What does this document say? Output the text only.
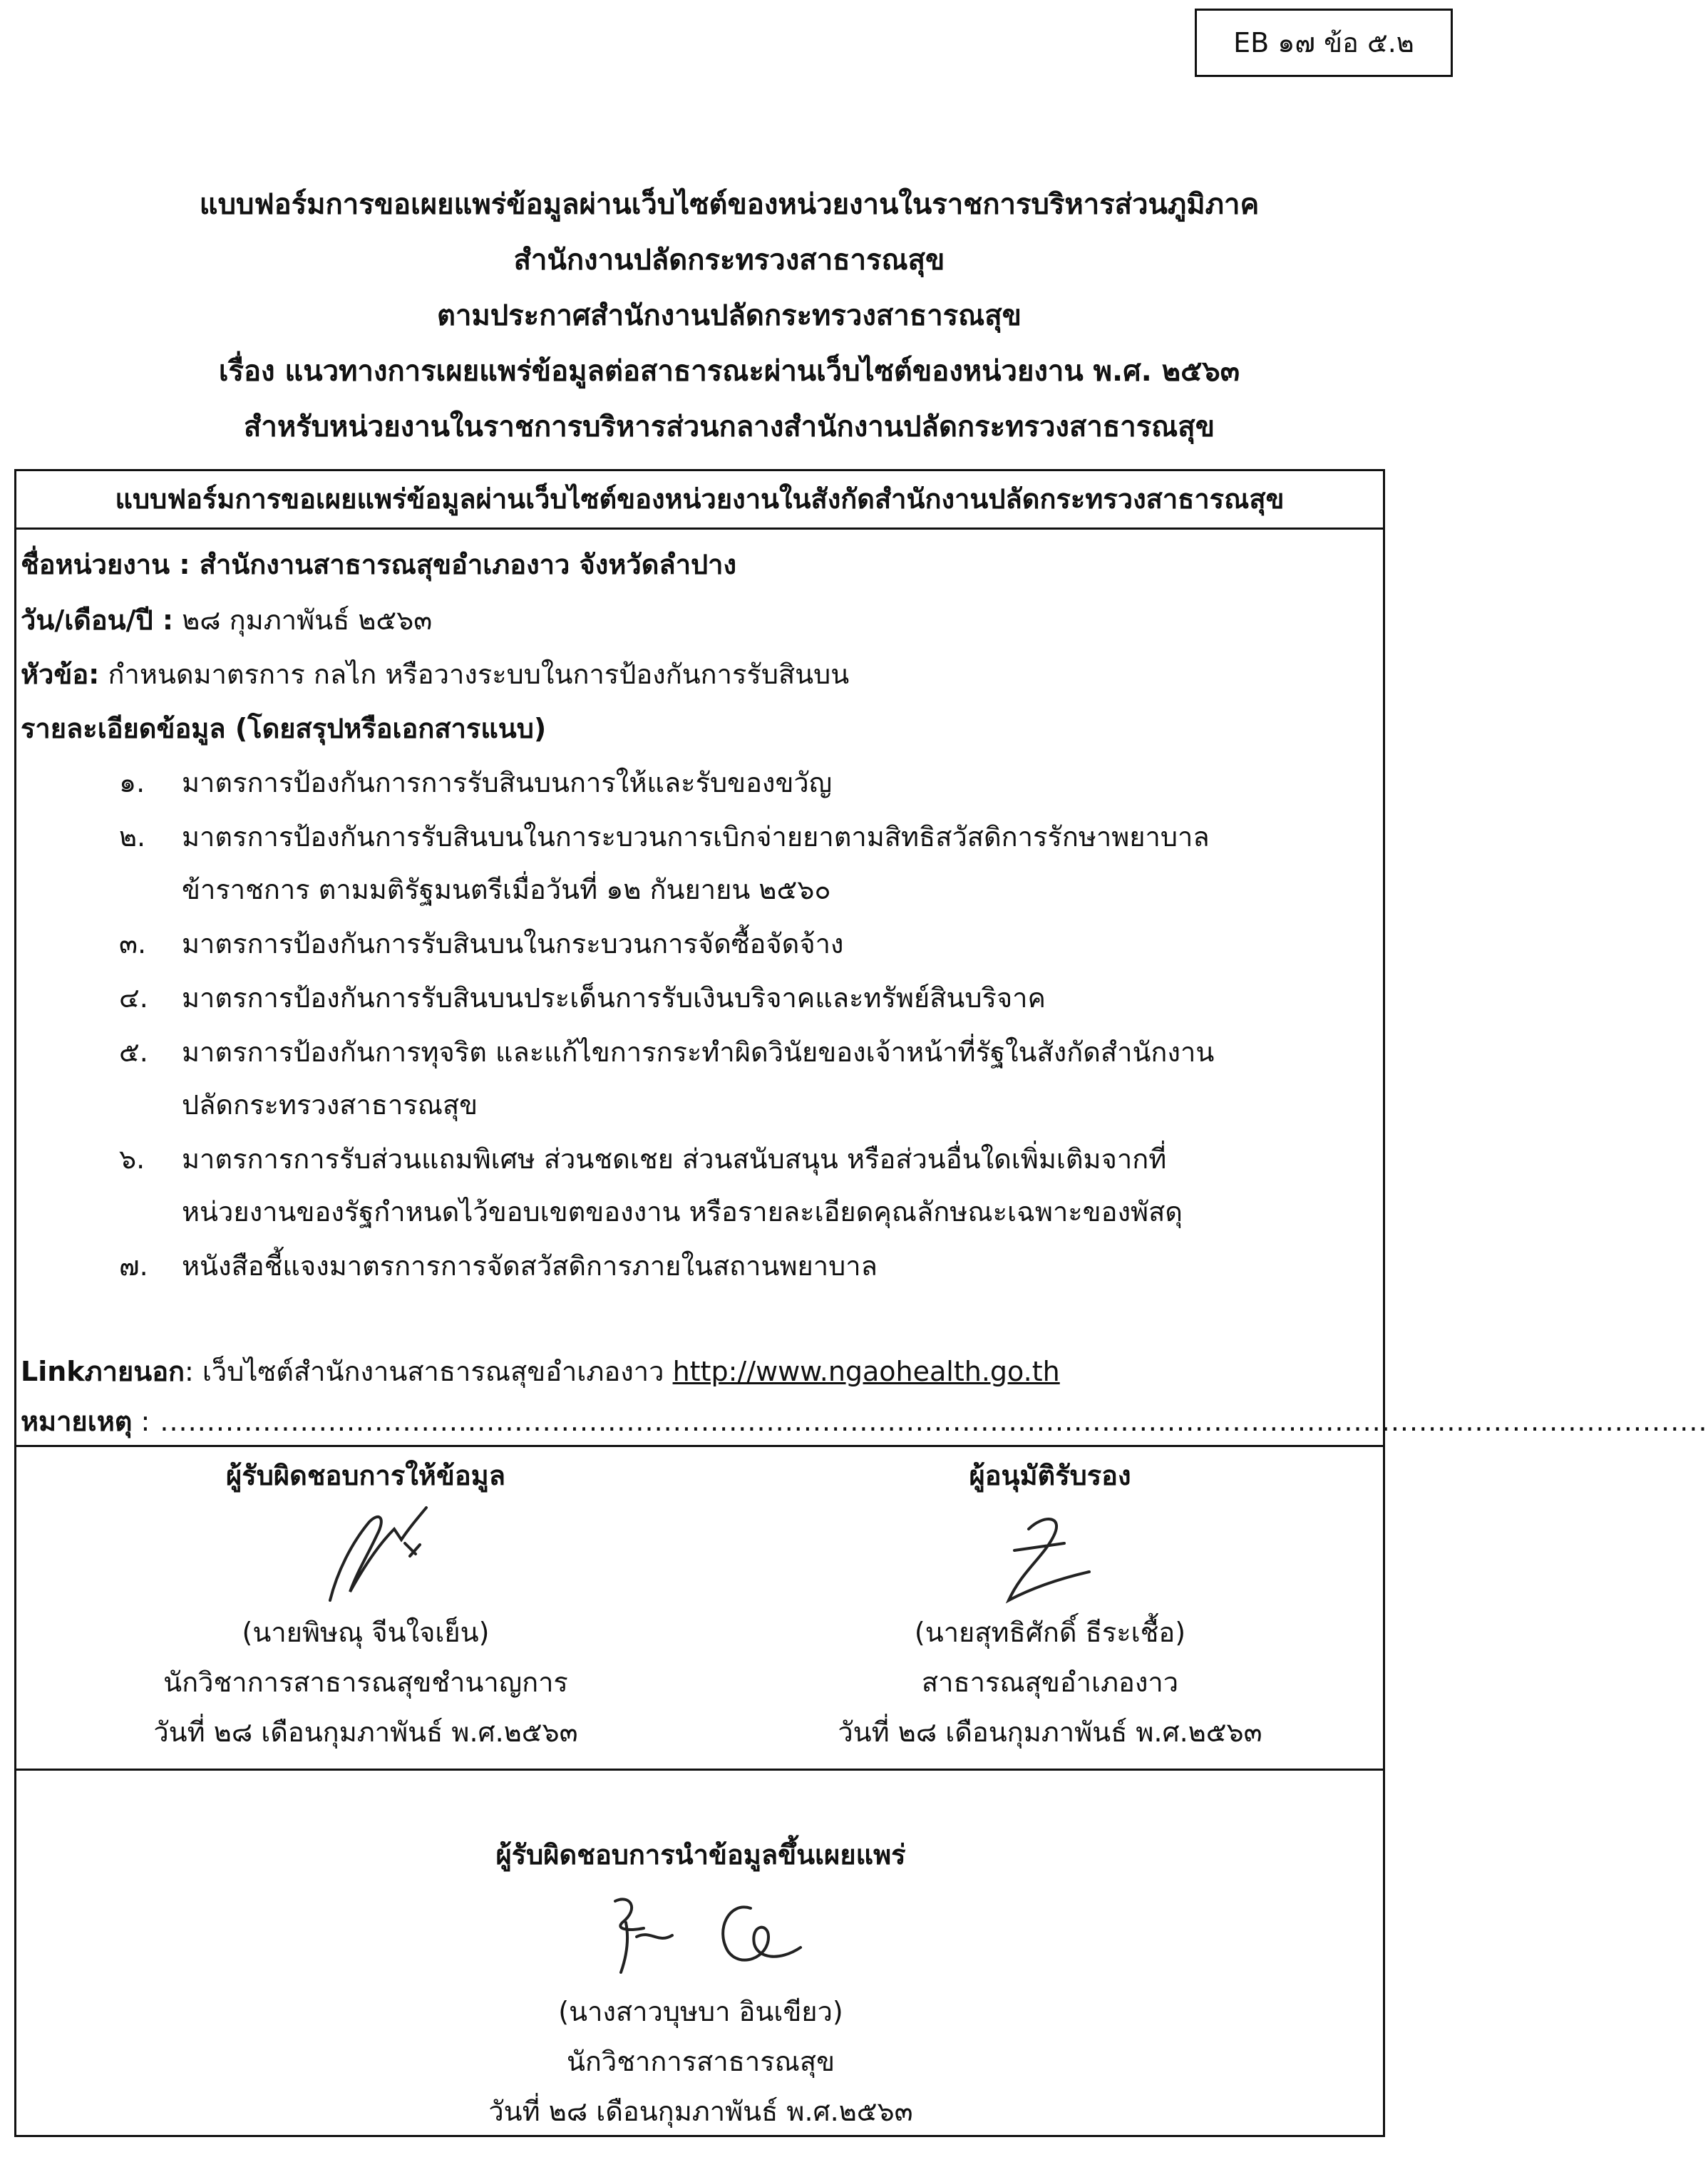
EB ๑๗ ข้อ ๕.๒
แบบฟอร์มการขอเผยแพร่ข้อมูลผ่านเว็บไซต์ของหน่วยงานในราชการบริหารส่วนภูมิภาค
สำนักงานปลัดกระทรวงสาธารณสุข
ตามประกาศสำนักงานปลัดกระทรวงสาธารณสุข
เรื่อง แนวทางการเผยแพร่ข้อมูลต่อสาธารณะผ่านเว็บไซต์ของหน่วยงาน พ.ศ. ๒๕๖๓
สำหรับหน่วยงานในราชการบริหารส่วนกลางสำนักงานปลัดกระทรวงสาธารณสุข
แบบฟอร์มการขอเผยแพร่ข้อมูลผ่านเว็บไซต์ของหน่วยงานในสังกัดสำนักงานปลัดกระทรวงสาธารณสุข
ชื่อหน่วยงาน : สำนักงานสาธารณสุขอำเภองาว จังหวัดลำปาง
วัน/เดือน/ปี : ๒๘ กุมภาพันธ์ ๒๕๖๓
หัวข้อ: กำหนดมาตรการ กลไก หรือวางระบบในการป้องกันการรับสินบน
รายละเอียดข้อมูล (โดยสรุปหรือเอกสารแนบ)
๑. มาตรการป้องกันการการรับสินบนการให้และรับของขวัญ
๒. มาตรการป้องกันการรับสินบนในการะบวนการเบิกจ่ายยาตามสิทธิสวัสดิการรักษาพยาบาล
ข้าราชการ ตามมติรัฐมนตรีเมื่อวันที่ ๑๒ กันยายน ๒๕๖๐
๓. มาตรการป้องกันการรับสินบนในกระบวนการจัดซื้อจัดจ้าง
๔. มาตรการป้องกันการรับสินบนประเด็นการรับเงินบริจาคและทรัพย์สินบริจาค
๕. มาตรการป้องกันการทุจริต และแก้ไขการกระทำผิดวินัยของเจ้าหน้าที่รัฐในสังกัดสำนักงาน
ปลัดกระทรวงสาธารณสุข
๖. มาตรการการรับส่วนแถมพิเศษ ส่วนชดเชย ส่วนสนับสนุน หรือส่วนอื่นใดเพิ่มเติมจากที่
หน่วยงานของรัฐกำหนดไว้ขอบเขตของงาน หรือรายละเอียดคุณลักษณะเฉพาะของพัสดุ
๗. หนังสือชี้แจงมาตรการการจัดสวัสดิการภายในสถานพยาบาล
Linkภายนอก: เว็บไซต์สำนักงานสาธารณสุขอำเภองาว http://www.ngaohealth.go.th
หมายเหตุ : ......................................................................................................................................................................
ผู้รับผิดชอบการให้ข้อมูล
(นายพิษณุ จีนใจเย็น)
นักวิชาการสาธารณสุขชำนาญการ
วันที่ ๒๘ เดือนกุมภาพันธ์ พ.ศ.๒๕๖๓
ผู้อนุมัติรับรอง
(นายสุทธิศักดิ์ ธีระเชื้อ)
สาธารณสุขอำเภองาว
วันที่ ๒๘ เดือนกุมภาพันธ์ พ.ศ.๒๕๖๓
ผู้รับผิดชอบการนำข้อมูลขึ้นเผยแพร่
(นางสาวบุษบา อินเขียว)
นักวิชาการสาธารณสุข
วันที่ ๒๘ เดือนกุมภาพันธ์ พ.ศ.๒๕๖๓
